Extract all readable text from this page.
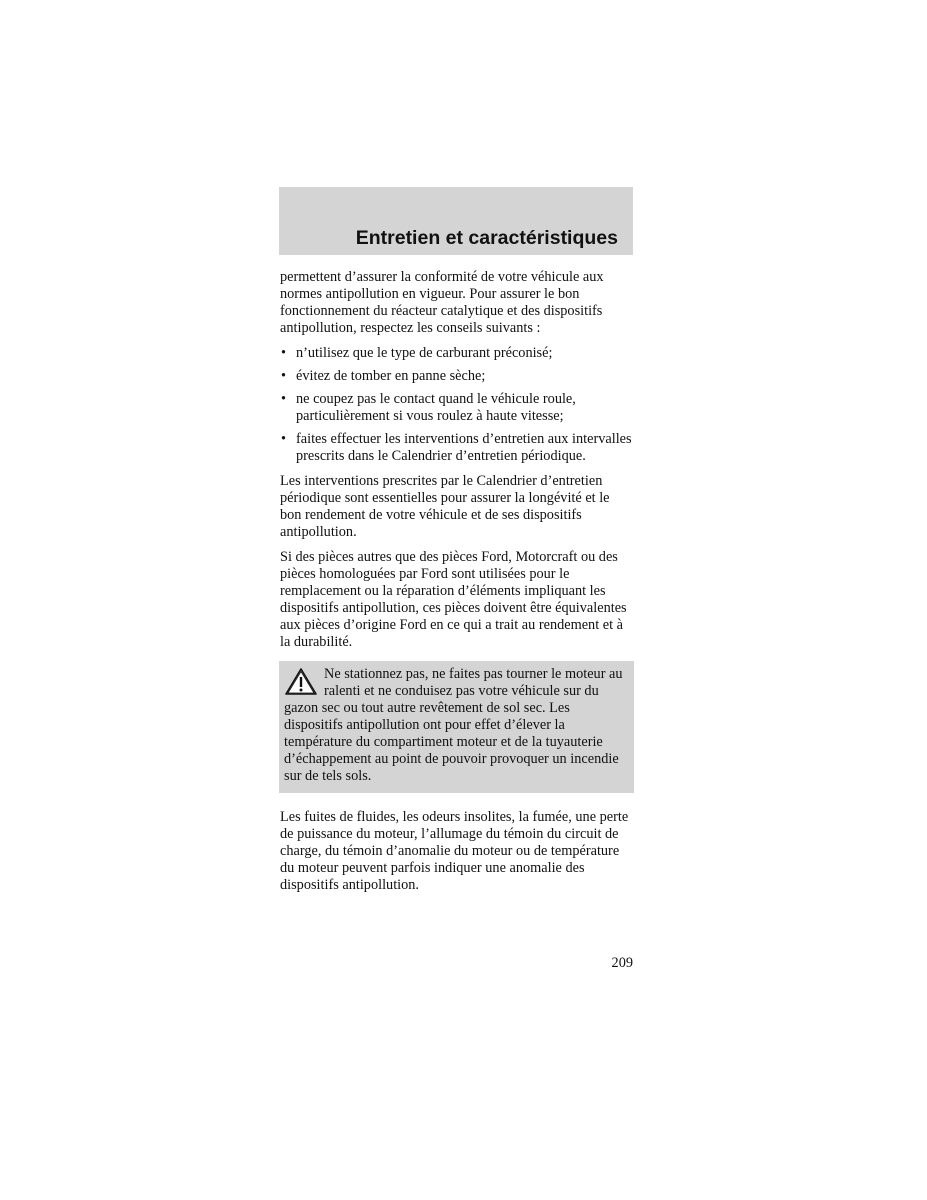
Entretien et caractéristiques

permettent d’assurer la conformité de votre véhicule aux normes antipollution en vigueur. Pour assurer le bon fonctionnement du réacteur catalytique et des dispositifs antipollution, respectez les conseils suivants :

• n’utilisez que le type de carburant préconisé;
• évitez de tomber en panne sèche;
• ne coupez pas le contact quand le véhicule roule, particulièrement si vous roulez à haute vitesse;
• faites effectuer les interventions d’entretien aux intervalles prescrits dans le Calendrier d’entretien périodique.

Les interventions prescrites par le Calendrier d’entretien périodique sont essentielles pour assurer la longévité et le bon rendement de votre véhicule et de ses dispositifs antipollution.

Si des pièces autres que des pièces Ford, Motorcraft ou des pièces homologuées par Ford sont utilisées pour le remplacement ou la réparation d’éléments impliquant les dispositifs antipollution, ces pièces doivent être équivalentes aux pièces d’origine Ford en ce qui a trait au rendement et à la durabilité.

Ne stationnez pas, ne faites pas tourner le moteur au ralenti et ne conduisez pas votre véhicule sur du gazon sec ou tout autre revêtement de sol sec. Les dispositifs antipollution ont pour effet d’élever la température du compartiment moteur et de la tuyauterie d’échappement au point de pouvoir provoquer un incendie sur de tels sols.

Les fuites de fluides, les odeurs insolites, la fumée, une perte de puissance du moteur, l’allumage du témoin du circuit de charge, du témoin d’anomalie du moteur ou de température du moteur peuvent parfois indiquer une anomalie des dispositifs antipollution.

209
